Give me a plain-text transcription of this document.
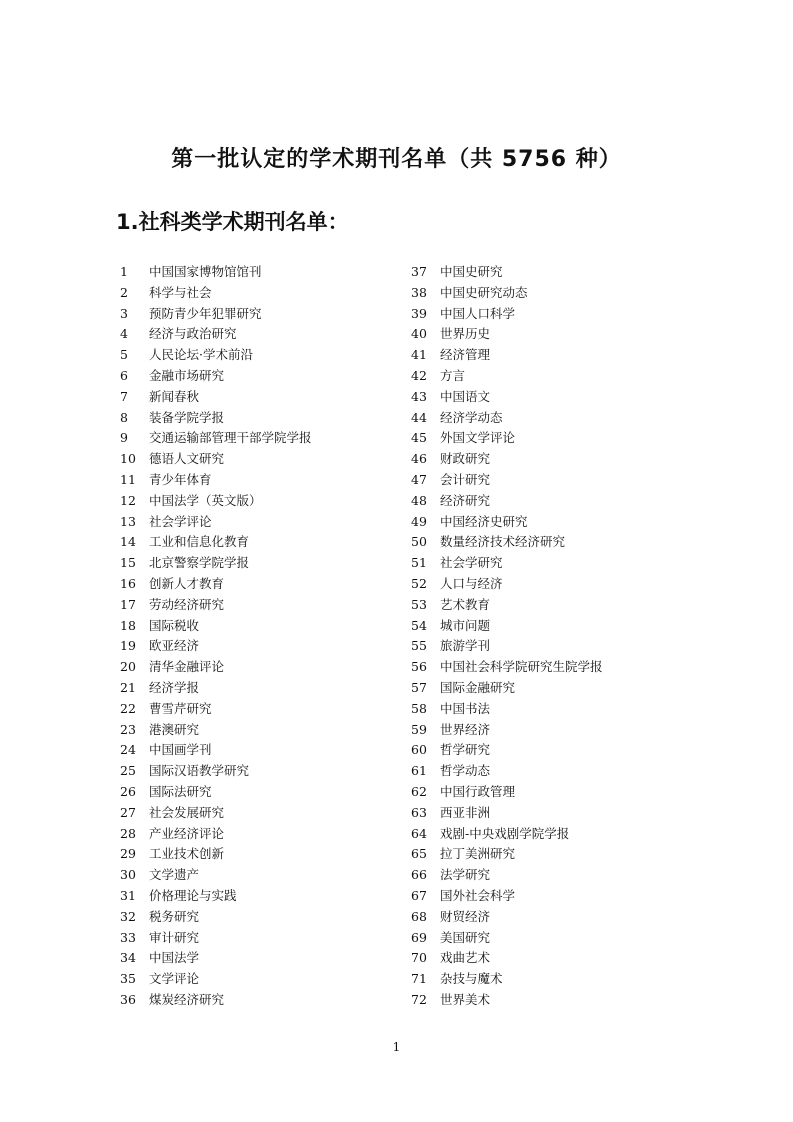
第一批认定的学术期刊名单（共 5756 种）
1.社科类学术期刊名单：
1 中国国家博物馆馆刊
2 科学与社会
3 预防青少年犯罪研究
4 经济与政治研究
5 人民论坛·学术前沿
6 金融市场研究
7 新闻春秋
8 装备学院学报
9 交通运输部管理干部学院学报
10 德语人文研究
11 青少年体育
12 中国法学（英文版）
13 社会学评论
14 工业和信息化教育
15 北京警察学院学报
16 创新人才教育
17 劳动经济研究
18 国际税收
19 欧亚经济
20 清华金融评论
21 经济学报
22 曹雪芹研究
23 港澳研究
24 中国画学刊
25 国际汉语教学研究
26 国际法研究
27 社会发展研究
28 产业经济评论
29 工业技术创新
30 文学遗产
31 价格理论与实践
32 税务研究
33 审计研究
34 中国法学
35 文学评论
36 煤炭经济研究
37 中国史研究
38 中国史研究动态
39 中国人口科学
40 世界历史
41 经济管理
42 方言
43 中国语文
44 经济学动态
45 外国文学评论
46 财政研究
47 会计研究
48 经济研究
49 中国经济史研究
50 数量经济技术经济研究
51 社会学研究
52 人口与经济
53 艺术教育
54 城市问题
55 旅游学刊
56 中国社会科学院研究生院学报
57 国际金融研究
58 中国书法
59 世界经济
60 哲学研究
61 哲学动态
62 中国行政管理
63 西亚非洲
64 戏剧-中央戏剧学院学报
65 拉丁美洲研究
66 法学研究
67 国外社会科学
68 财贸经济
69 美国研究
70 戏曲艺术
71 杂技与魔术
72 世界美术
1
